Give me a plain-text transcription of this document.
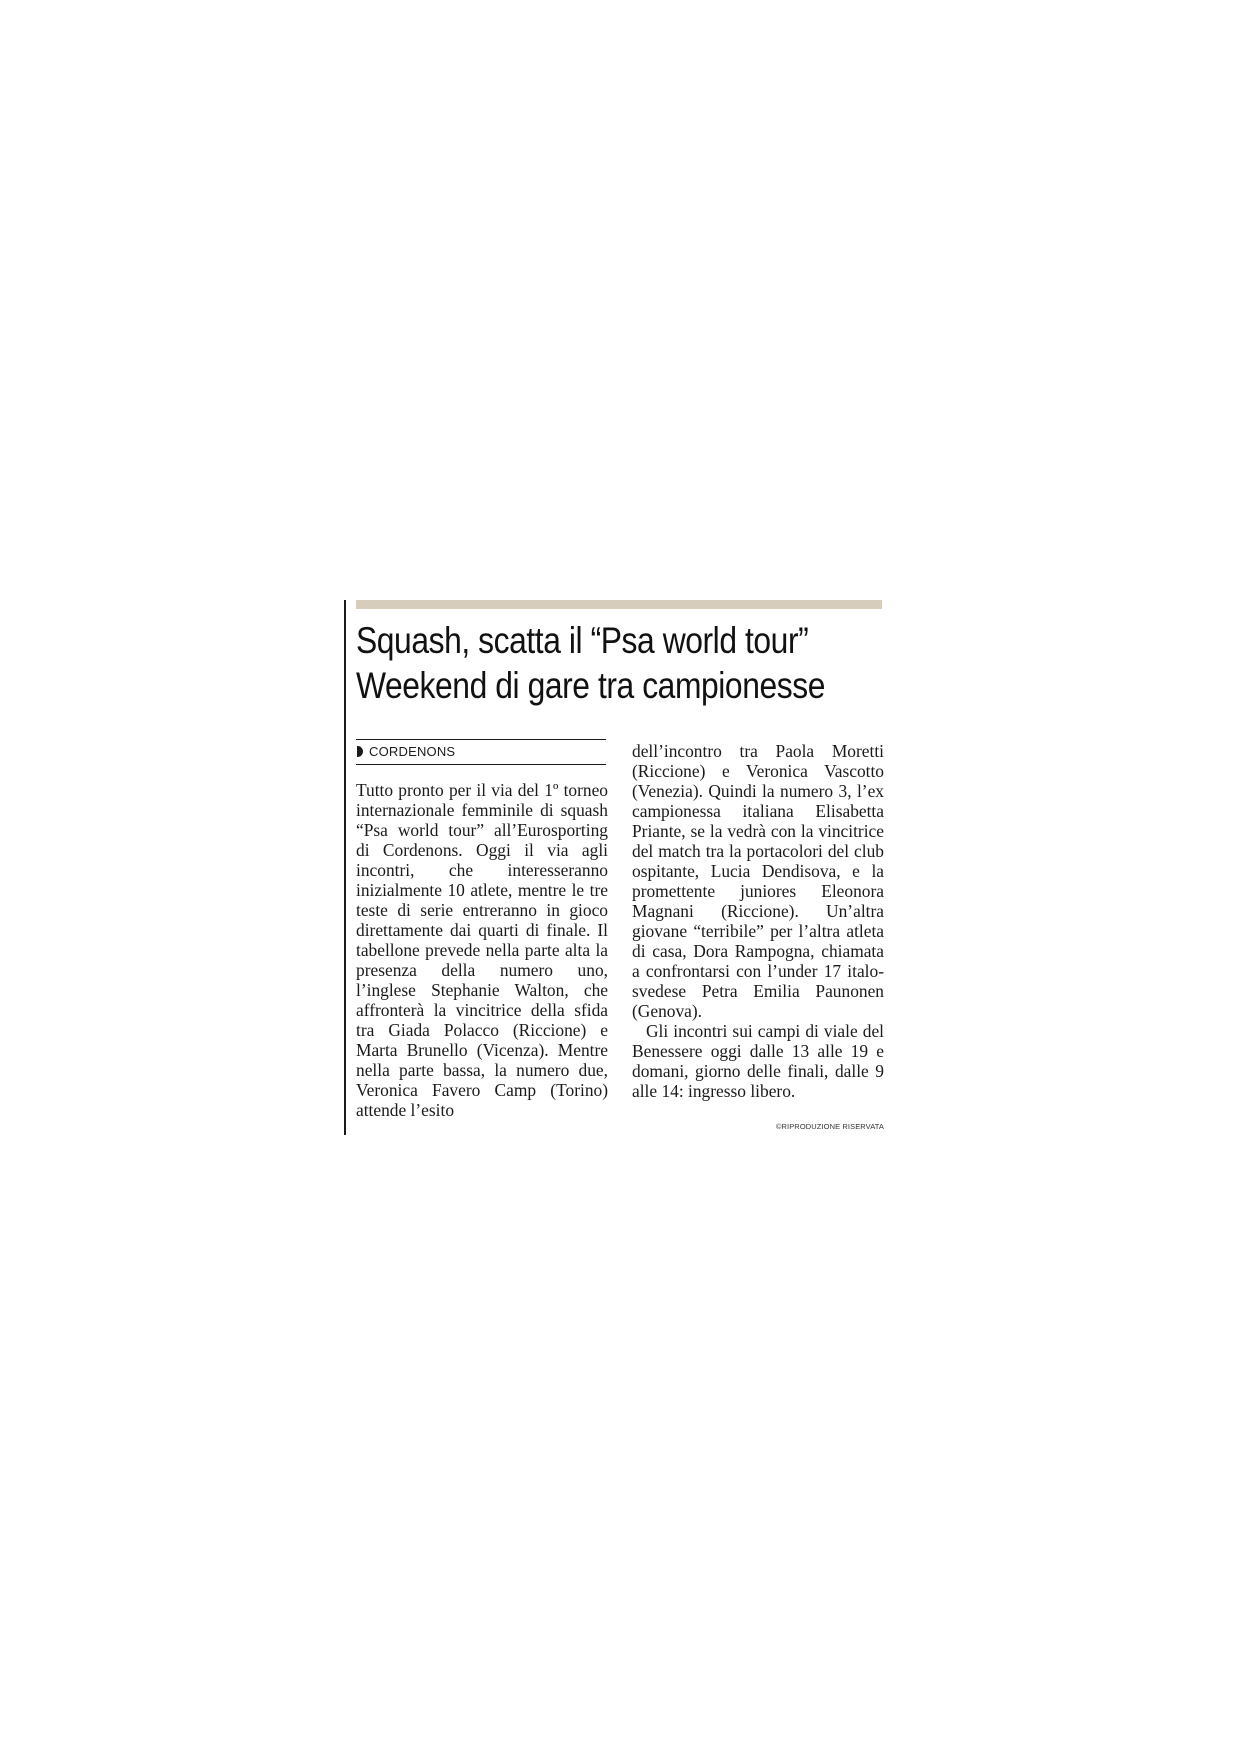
Squash, scatta il “Psa world tour”
Weekend di gare tra campionesse
CORDENONS

Tutto pronto per il via del 1º torneo internazionale femminile di squash “Psa world tour” all’Eurosporting di Cordenons. Oggi il via agli incontri, che interesseranno inizialmente 10 atlete, mentre le tre teste di serie entreranno in gioco direttamente dai quarti di finale. Il tabellone prevede nella parte alta la presenza della numero uno, l’inglese Stephanie Walton, che affronterà la vincitrice della sfida tra Giada Polacco (Riccione) e Marta Brunello (Vicenza). Mentre nella parte bassa, la numero due, Veronica Favero Camp (Torino) attende l’esito

dell’incontro tra Paola Moretti (Riccione) e Veronica Vascotto (Venezia). Quindi la numero 3, l’ex campionessa italiana Elisabetta Priante, se la vedrà con la vincitrice del match tra la portacolori del club ospitante, Lucia Dendisova, e la promettente juniores Eleonora Magnani (Riccione). Un’altra giovane “terribile” per l’altra atleta di casa, Dora Rampogna, chiamata a confrontarsi con l’under 17 italo-svedese Petra Emilia Paunonen (Genova).

Gli incontri sui campi di viale del Benessere oggi dalle 13 alle 19 e domani, giorno delle finali, dalle 9 alle 14: ingresso libero.

©RIPRODUZIONE RISERVATA
